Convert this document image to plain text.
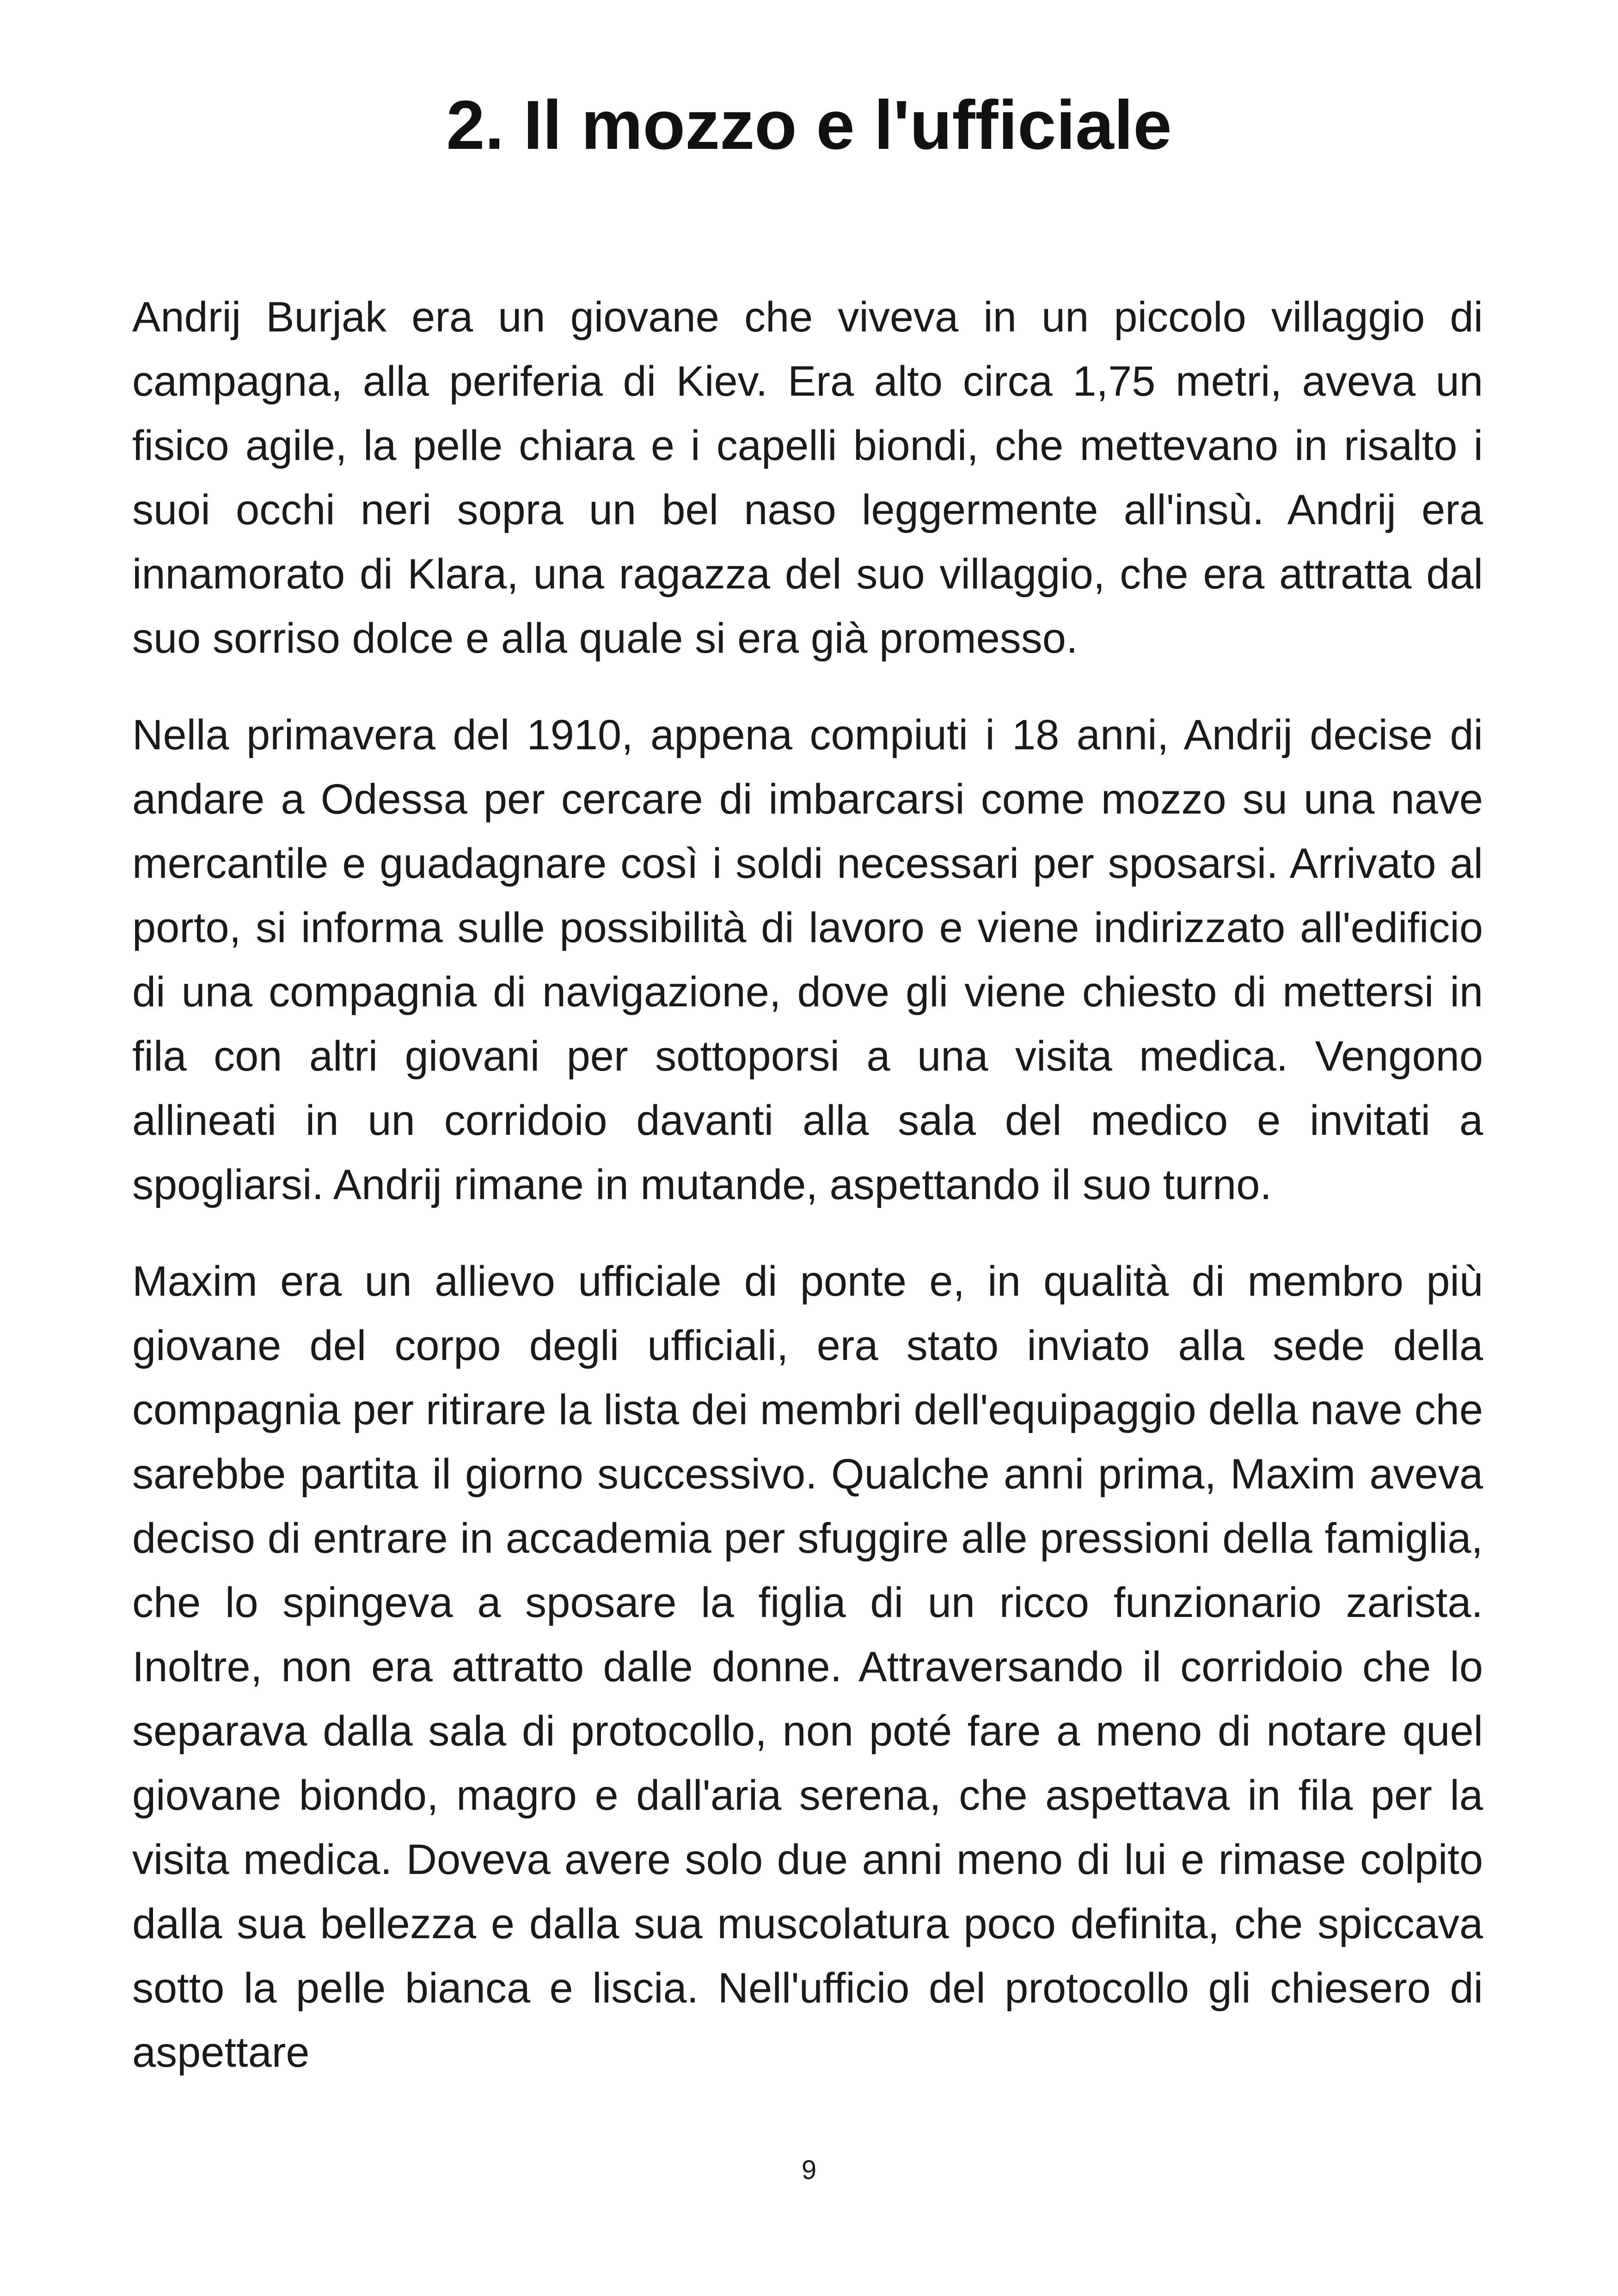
2. Il mozzo e l'ufficiale

Andrij Burjak era un giovane che viveva in un piccolo villaggio di campagna, alla periferia di Kiev. Era alto circa 1,75 metri, aveva un fisico agile, la pelle chiara e i capelli biondi, che mettevano in risalto i suoi occhi neri sopra un bel naso leggermente all'insù. Andrij era innamorato di Klara, una ragazza del suo villaggio, che era attratta dal suo sorriso dolce e alla quale si era già promesso.

Nella primavera del 1910, appena compiuti i 18 anni, Andrij decise di andare a Odessa per cercare di imbarcarsi come mozzo su una nave mercantile e guadagnare così i soldi necessari per sposarsi. Arrivato al porto, si informa sulle possibilità di lavoro e viene indirizzato all'edificio di una compagnia di navigazione, dove gli viene chiesto di mettersi in fila con altri giovani per sottoporsi a una visita medica. Vengono allineati in un corridoio davanti alla sala del medico e invitati a spogliarsi. Andrij rimane in mutande, aspettando il suo turno.

Maxim era un allievo ufficiale di ponte e, in qualità di membro più giovane del corpo degli ufficiali, era stato inviato alla sede della compagnia per ritirare la lista dei membri dell'equipaggio della nave che sarebbe partita il giorno successivo. Qualche anni prima, Maxim aveva deciso di entrare in accademia per sfuggire alle pressioni della famiglia, che lo spingeva a sposare la figlia di un ricco funzionario zarista. Inoltre, non era attratto dalle donne. Attraversando il corridoio che lo separava dalla sala di protocollo, non poté fare a meno di notare quel giovane biondo, magro e dall'aria serena, che aspettava in fila per la visita medica. Doveva avere solo due anni meno di lui e rimase colpito dalla sua bellezza e dalla sua muscolatura poco definita, che spiccava sotto la pelle bianca e liscia. Nell'ufficio del protocollo gli chiesero di aspettare

9
